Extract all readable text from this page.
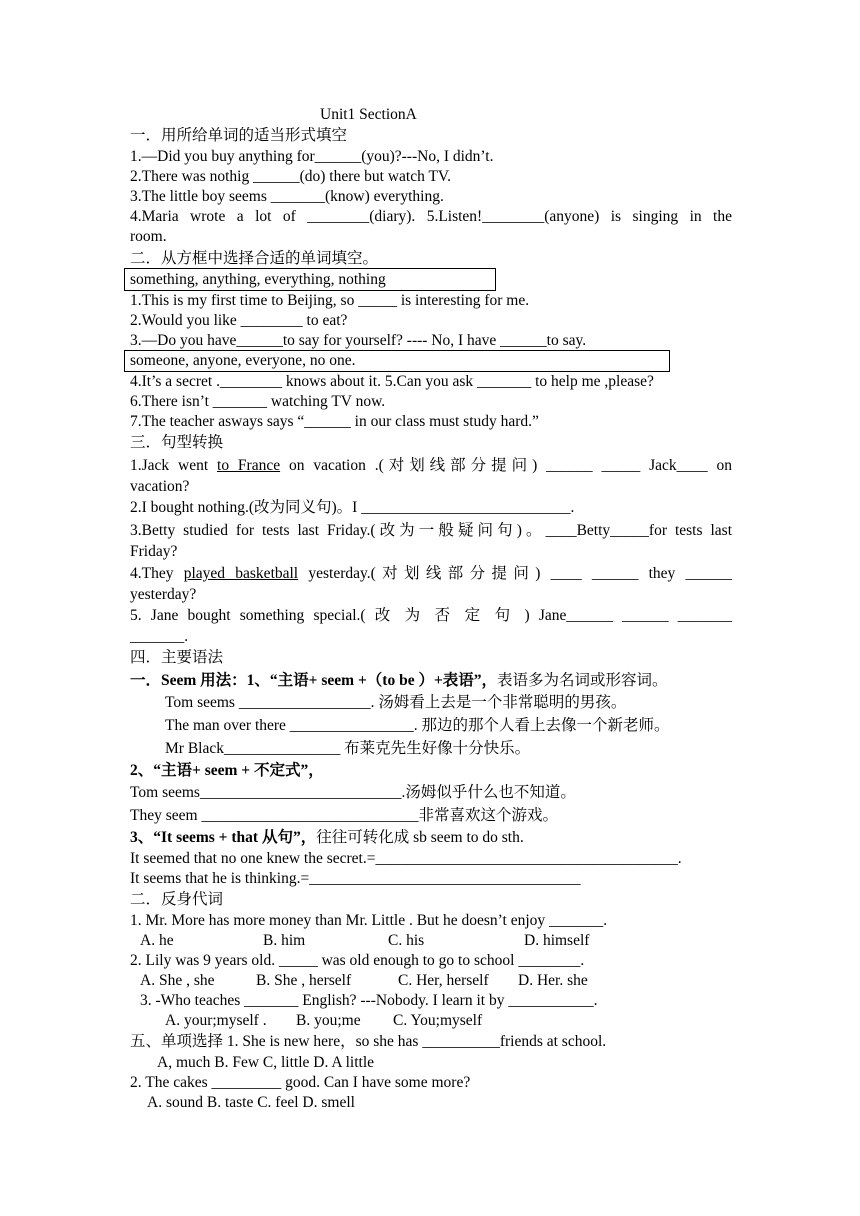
Unit1 SectionA
一．用所给单词的适当形式填空
1.—Did you buy anything for______(you)?---No, I didn’t.
2.There was nothig ______(do) there but watch TV.
3.The little boy seems _______(know) everything.
4.Maria wrote a lot of ________(diary). 5.Listen!________(anyone) is singing in the
room.
二．从方框中选择合适的单词填空。
something, anything, everything, nothing
1.This is my first time to Beijing, so _____ is interesting for me.
2.Would you like ________ to eat?
3.—Do you have______to say for yourself? ---- No, I have ______to say.
someone, anyone, everyone, no one.
4.It’s a secret .________ knows about it. 5.Can you ask _______ to help me ,please?
6.There isn’t _______ watching TV now.
7.The teacher asways says “______ in our class must study hard.”
三．句型转换
1.Jack went to France on vacation .(对划线部分提问) ______ _____ Jack____ on
vacation?
2.I bought nothing.(改为同义句)。I ___________________________.
3.Betty studied for tests last Friday.(改为一般疑问句)。____Betty_____for tests last
Friday?
4.They played basketball yesterday.(对划线部分提问) ____ ______ they ______
yesterday?
5. Jane bought something special.( 改 为 否 定 句 ) Jane______ ______ _______
_______.
四．主要语法
一．Seem 用法：1、“主语+ seem +（to be ）+表语”，表语多为名词或形容词。
Tom seems _________________. 汤姆看上去是一个非常聪明的男孩。
The man over there ________________. 那边的那个人看上去像一个新老师。
Mr Black_______________ 布莱克先生好像十分快乐。
2、“主语+ seem + 不定式”，
Tom seems__________________________.汤姆似乎什么也不知道。
They seem ____________________________非常喜欢这个游戏。
3、“It seems + that 从句”，往往可转化成 sb seem to do sth.
It seemed that no one knew the secret.=_______________________________________.
It seems that he is thinking.=___________________________________
二．反身代词
1. Mr. More has more money than Mr. Little . But he doesn’t enjoy _______.
A. he	B. him	C. his	D. himself
2. Lily was 9 years old. _____ was old enough to go to school ________.
A. She , she	B. She , herself	C. Her, herself D. Her. she
3. -Who teaches _______ English? ---Nobody. I learn it by ___________.
A. your;myself . B. you;me C. You;myself
五、单项选择 1. She is new here，so she has __________friends at school.
A, much B. Few C, little D. A little
2. The cakes _________ good. Can I have some more?
A. sound B. taste C. feel D. smell
